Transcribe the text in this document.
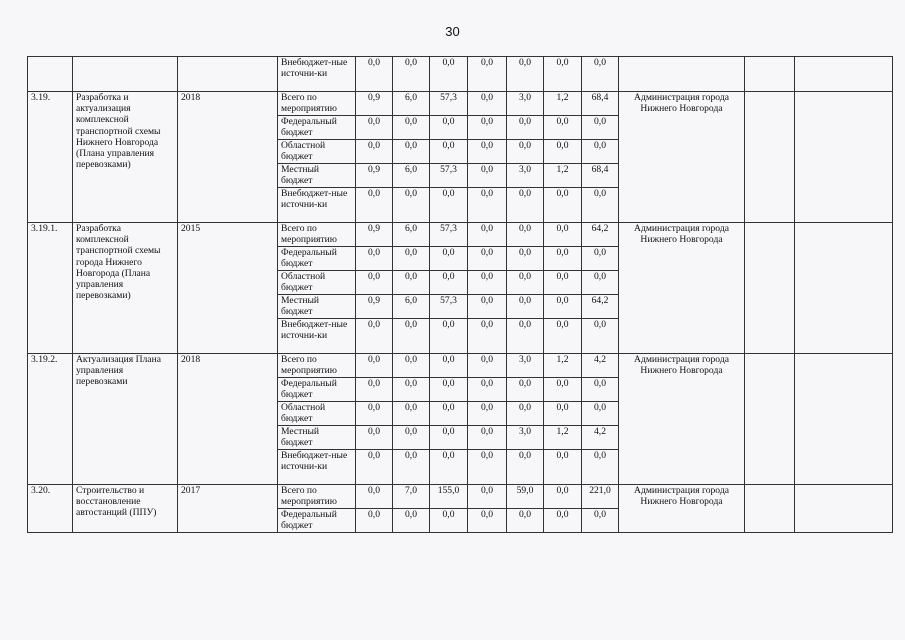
30
			Внебюджет-ные источни-ки	0,0	0,0	0,0	0,0	0,0	0,0	0,0			
3.19.	Разработка и актуализация комплексной транспортной схемы Нижнего Новгорода (Плана управления перевозками)	2018	Всего по мероприятию	0,9	6,0	57,3	0,0	3,0	1,2	68,4	Администрация города Нижнего Новгорода		
			Федеральный бюджет	0,0	0,0	0,0	0,0	0,0	0,0	0,0			
			Областной бюджет	0,0	0,0	0,0	0,0	0,0	0,0	0,0			
			Местный бюджет	0,9	6,0	57,3	0,0	3,0	1,2	68,4			
			Внебюджет-ные источни-ки	0,0	0,0	0,0	0,0	0,0	0,0	0,0			
3.19.1.	Разработка комплексной транспортной схемы города Нижнего Новгорода (Плана управления перевозками)	2015	Всего по мероприятию	0,9	6,0	57,3	0,0	0,0	0,0	64,2	Администрация города Нижнего Новгорода		
			Федеральный бюджет	0,0	0,0	0,0	0,0	0,0	0,0	0,0			
			Областной бюджет	0,0	0,0	0,0	0,0	0,0	0,0	0,0			
			Местный бюджет	0,9	6,0	57,3	0,0	0,0	0,0	64,2			
			Внебюджет-ные источни-ки	0,0	0,0	0,0	0,0	0,0	0,0	0,0			
3.19.2.	Актуализация Плана управления перевозками	2018	Всего по мероприятию	0,0	0,0	0,0	0,0	3,0	1,2	4,2	Администрация города Нижнего Новгорода		
			Федеральный бюджет	0,0	0,0	0,0	0,0	0,0	0,0	0,0			
			Областной бюджет	0,0	0,0	0,0	0,0	0,0	0,0	0,0			
			Местный бюджет	0,0	0,0	0,0	0,0	3,0	1,2	4,2			
			Внебюджет-ные источни-ки	0,0	0,0	0,0	0,0	0,0	0,0	0,0			
3.20.	Строительство и восстановление автостанций (ППУ)	2017	Всего по мероприятию	0,0	7,0	155,0	0,0	59,0	0,0	221,0	Администрация города Нижнего Новгорода		
			Федеральный бюджет	0,0	0,0	0,0	0,0	0,0	0,0	0,0			
